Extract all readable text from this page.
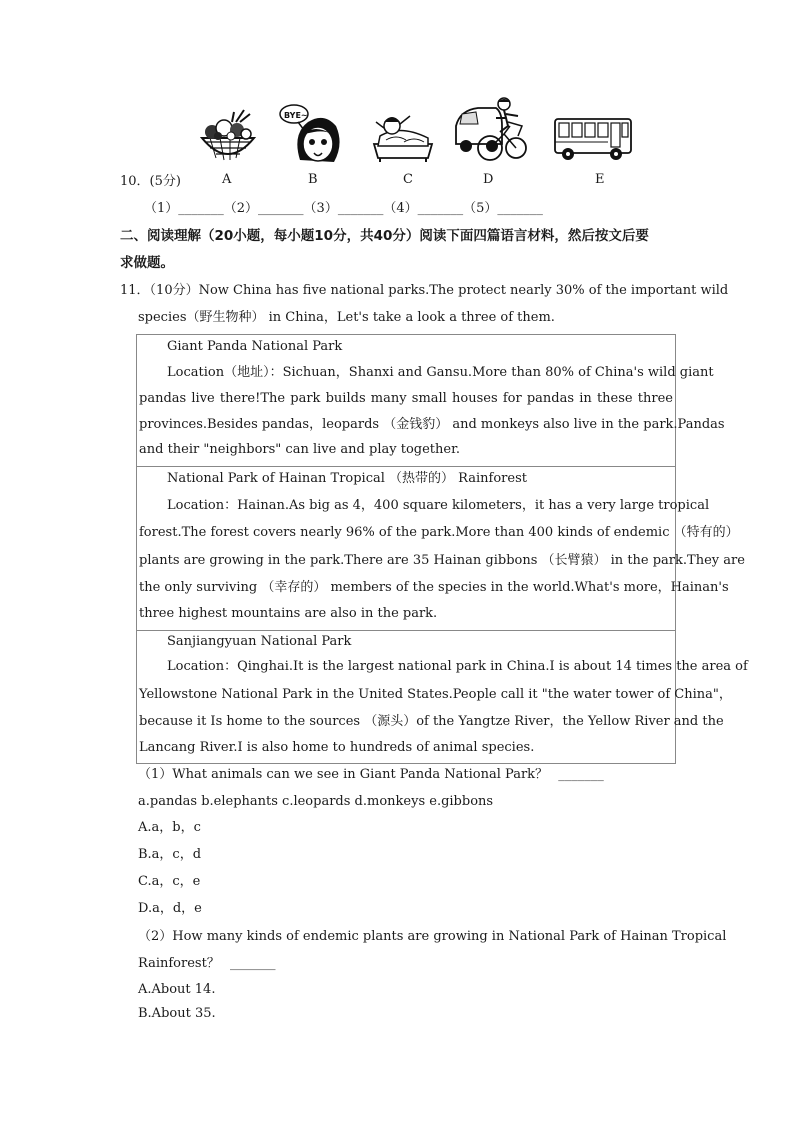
A
BYE~
B	C	D	E
10．(5分)
（1）_______（2）_______（3）_______（4）_______（5）_______
二、阅读理解（20小题，每小题10分，共40分）阅读下面四篇语言材料，然后按文后要
求做题。
11．（10分）Now China has five national parks.The protect nearly 30% of the important wild
species（野生物种） in China，Let's take a look a three of them.
Giant Panda National Park
Location（地址）：Sichuan，Shanxi and Gansu.More than 80% of China's wild giant
pandas live there!The park builds many small houses for pandas in these three
provinces.Besides pandas，leopards （金钱豹） and monkeys also live in the park.Pandas
and their "neighbors" can live and play together.
National Park of Hainan Tropical （热带的） Rainforest
Location：Hainan.As big as 4，400 square kilometers，it has a very large tropical
forest.The forest covers nearly 96% of the park.More than 400 kinds of endemic （特有的）
plants are growing in the park.There are 35 Hainan gibbons （长臂猿） in the park.They are
the only surviving （幸存的） members of the species in the world.What's more，Hainan's
three highest mountains are also in the park.
Sanjiangyuan National Park
Location：Qinghai.It is the largest national park in China.I is about 14 times the area of
Yellowstone National Park in the United States.People call it "the water tower of China"，
because it Is home to the sources （源头）of the Yangtze River，the Yellow River and the
Lancang River.I is also home to hundreds of animal species.
（1）What animals can we see in Giant Panda National Park？ _______
a.pandas b.elephants c.leopards d.monkeys e.gibbons
A.a，b，c
B.a，c，d
C.a，c，e
D.a，d，e
（2）How many kinds of endemic plants are growing in National Park of Hainan Tropical
Rainforest？ _______
A.About 14.
B.About 35.
